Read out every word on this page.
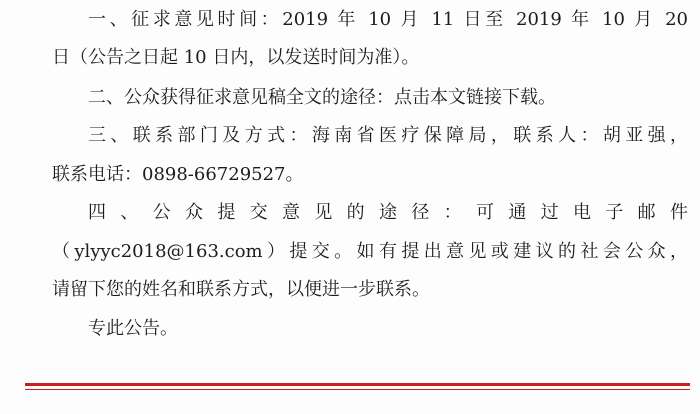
一、征求意见时间：2019 年 10 月 11 日至 2019 年 10 月 20
日（公告之日起 10 日内，以发送时间为准）。
二、公众获得征求意见稿全文的途径：点击本文链接下载。
三、联系部门及方式：海南省医疗保障局，联系人：胡亚强，
联系电话：0898-66729527。
四、公众提交意见的途径：可通过电子邮件
（ylyyc2018@163.com）提交。如有提出意见或建议的社会公众，
请留下您的姓名和联系方式，以便进一步联系。
专此公告。
